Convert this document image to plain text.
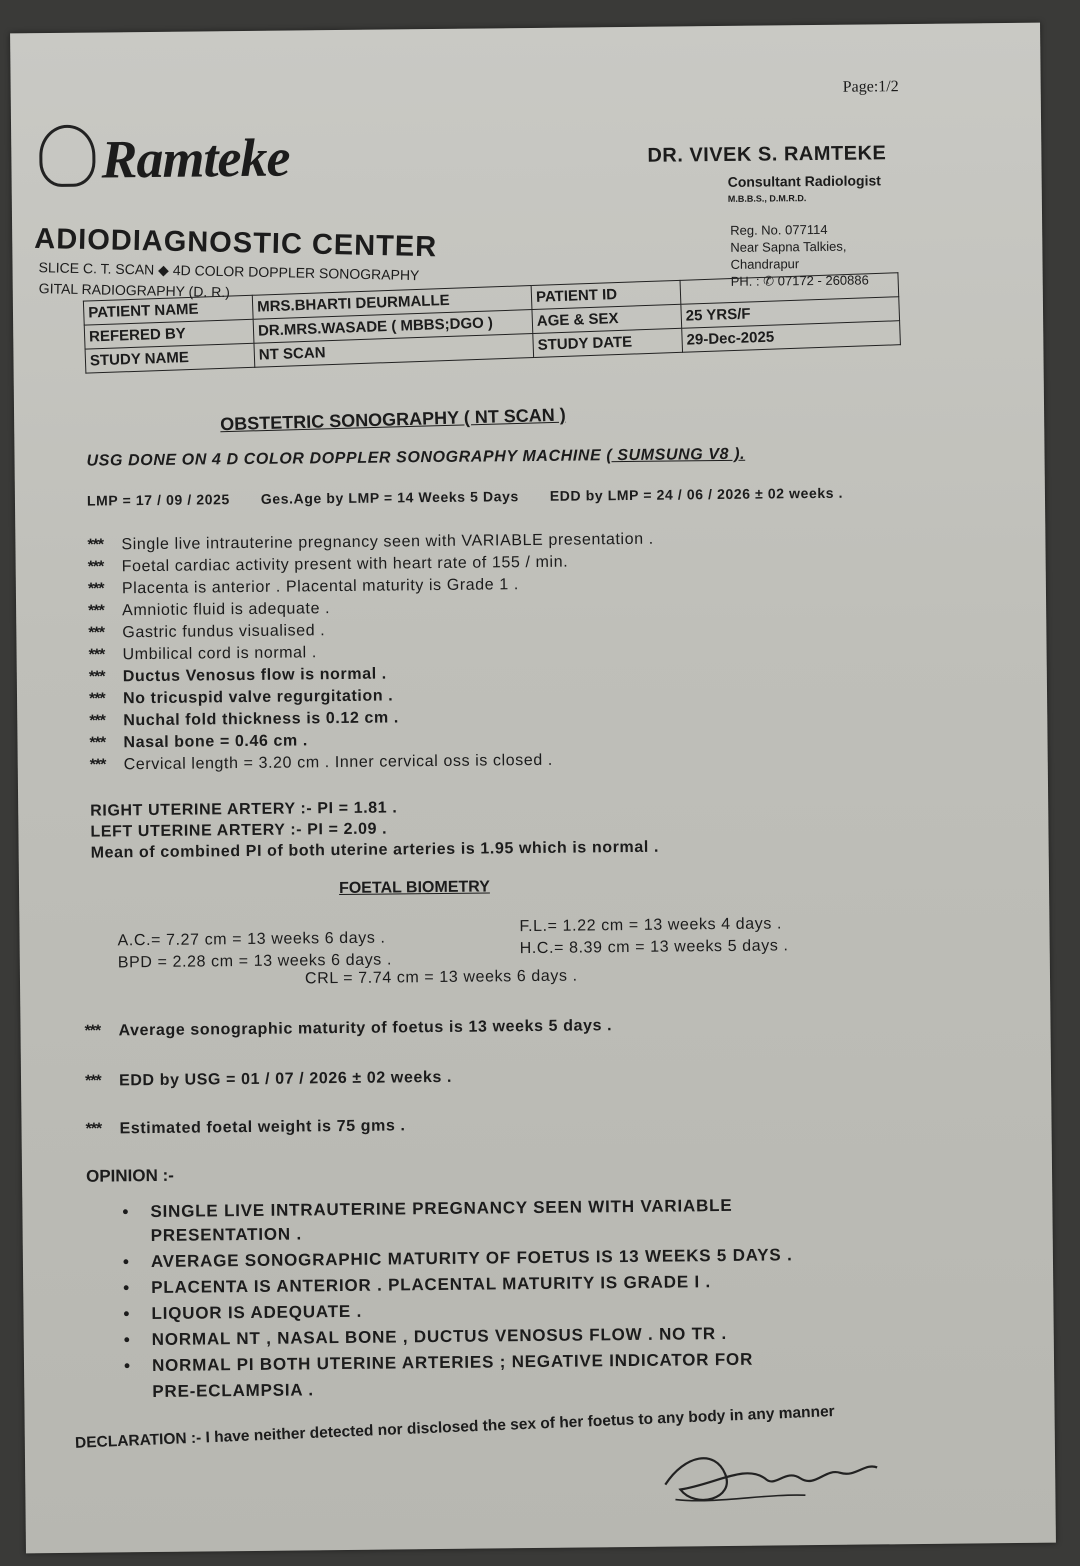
Page:1/2
Ramteke
ADIODIAGNOSTIC CENTER
SLICE C. T. SCAN ◆ 4D COLOR DOPPLER SONOGRAPHY
GITAL RADIOGRAPHY (D. R.)
DR. VIVEK S. RAMTEKE
Consultant Radiologist
M.B.B.S., D.M.R.D.
Reg. No. 077114
Near Sapna Talkies,
Chandrapur
PH. : ✆ 07172 - 260886
PATIENT NAME	MRS.BHARTI DEURMALLE	PATIENT ID	
REFERED BY	DR.MRS.WASADE ( MBBS;DGO )	AGE & SEX	25 YRS/F
STUDY NAME	NT SCAN	STUDY DATE	29-Dec-2025
OBSTETRIC SONOGRAPHY ( NT SCAN )
USG DONE ON 4 D COLOR DOPPLER SONOGRAPHY MACHINE ( SUMSUNG V8 ).
LMP = 17 / 09 / 2025 Ges.Age by LMP = 14 Weeks 5 Days EDD by LMP = 24 / 06 / 2026 ± 02 weeks .
*** Single live intrauterine pregnancy seen with VARIABLE presentation .
*** Foetal cardiac activity present with heart rate of 155 / min.
*** Placenta is anterior . Placental maturity is Grade 1 .
*** Amniotic fluid is adequate .
*** Gastric fundus visualised .
*** Umbilical cord is normal .
*** Ductus Venosus flow is normal .
*** No tricuspid valve regurgitation .
*** Nuchal fold thickness is 0.12 cm .
*** Nasal bone = 0.46 cm .
*** Cervical length = 3.20 cm . Inner cervical oss is closed .
RIGHT UTERINE ARTERY :- PI = 1.81 .
LEFT UTERINE ARTERY :- PI = 2.09 .
Mean of combined PI of both uterine arteries is 1.95 which is normal .
FOETAL BIOMETRY
A.C.= 7.27 cm = 13 weeks 6 days .
F.L.= 1.22 cm = 13 weeks 4 days .
BPD = 2.28 cm = 13 weeks 6 days .
H.C.= 8.39 cm = 13 weeks 5 days .
CRL = 7.74 cm = 13 weeks 6 days .
*** Average sonographic maturity of foetus is 13 weeks 5 days .
*** EDD by USG = 01 / 07 / 2026 ± 02 weeks .
*** Estimated foetal weight is 75 gms .
OPINION :-
• SINGLE LIVE INTRAUTERINE PREGNANCY SEEN WITH VARIABLE
PRESENTATION .
• AVERAGE SONOGRAPHIC MATURITY OF FOETUS IS 13 WEEKS 5 DAYS .
• PLACENTA IS ANTERIOR . PLACENTAL MATURITY IS GRADE I .
• LIQUOR IS ADEQUATE .
• NORMAL NT , NASAL BONE , DUCTUS VENOSUS FLOW . NO TR .
• NORMAL PI BOTH UTERINE ARTERIES ; NEGATIVE INDICATOR FOR
PRE-ECLAMPSIA .
DECLARATION :- I have neither detected nor disclosed the sex of her foetus to any body in any manner
